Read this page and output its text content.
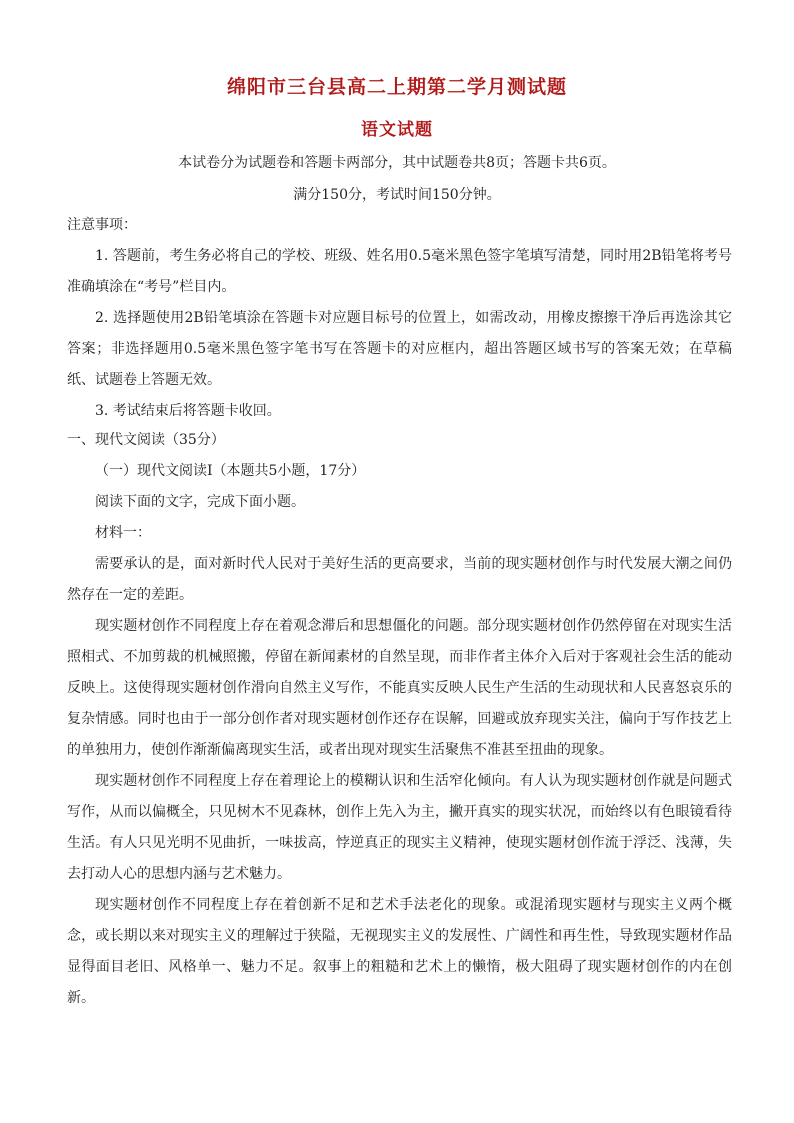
绵阳市三台县高二上期第二学月测试题
语文试题
本试卷分为试题卷和答题卡两部分，其中试题卷共8页；答题卡共6页。
满分150分，考试时间150分钟。

注意事项：

1. 答题前，考生务必将自己的学校、班级、姓名用0.5毫米黑色签字笔填写清楚，同时用2B铅笔将考号准确填涂在“考号”栏目内。

2. 选择题使用2B铅笔填涂在答题卡对应题目标号的位置上，如需改动，用橡皮擦擦干净后再选涂其它答案；非选择题用0.5毫米黑色签字笔书写在答题卡的对应框内，超出答题区域书写的答案无效；在草稿纸、试题卷上答题无效。

3. 考试结束后将答题卡收回。

一、现代文阅读（35分）

（一）现代文阅读Ⅰ（本题共5小题，17分）

阅读下面的文字，完成下面小题。

材料一：

需要承认的是，面对新时代人民对于美好生活的更高要求，当前的现实题材创作与时代发展大潮之间仍然存在一定的差距。

现实题材创作不同程度上存在着观念滞后和思想僵化的问题。部分现实题材创作仍然停留在对现实生活照相式、不加剪裁的机械照搬，停留在新闻素材的自然呈现，而非作者主体介入后对于客观社会生活的能动反映上。这使得现实题材创作滑向自然主义写作，不能真实反映人民生产生活的生动现状和人民喜怒哀乐的复杂情感。同时也由于一部分创作者对现实题材创作还存在误解，回避或放弃现实关注，偏向于写作技艺上的单独用力，使创作渐渐偏离现实生活，或者出现对现实生活聚焦不准甚至扭曲的现象。

现实题材创作不同程度上存在着理论上的模糊认识和生活窄化倾向。有人认为现实题材创作就是问题式写作，从而以偏概全，只见树木不见森林，创作上先入为主，撇开真实的现实状况，而始终以有色眼镜看待生活。有人只见光明不见曲折，一味拔高，悖逆真正的现实主义精神，使现实题材创作流于浮泛、浅薄，失去打动人心的思想内涵与艺术魅力。

现实题材创作不同程度上存在着创新不足和艺术手法老化的现象。或混淆现实题材与现实主义两个概念，或长期以来对现实主义的理解过于狭隘，无视现实主义的发展性、广阔性和再生性，导致现实题材作品显得面目老旧、风格单一、魅力不足。叙事上的粗糙和艺术上的懒惰，极大阻碍了现实题材创作的内在创新。
